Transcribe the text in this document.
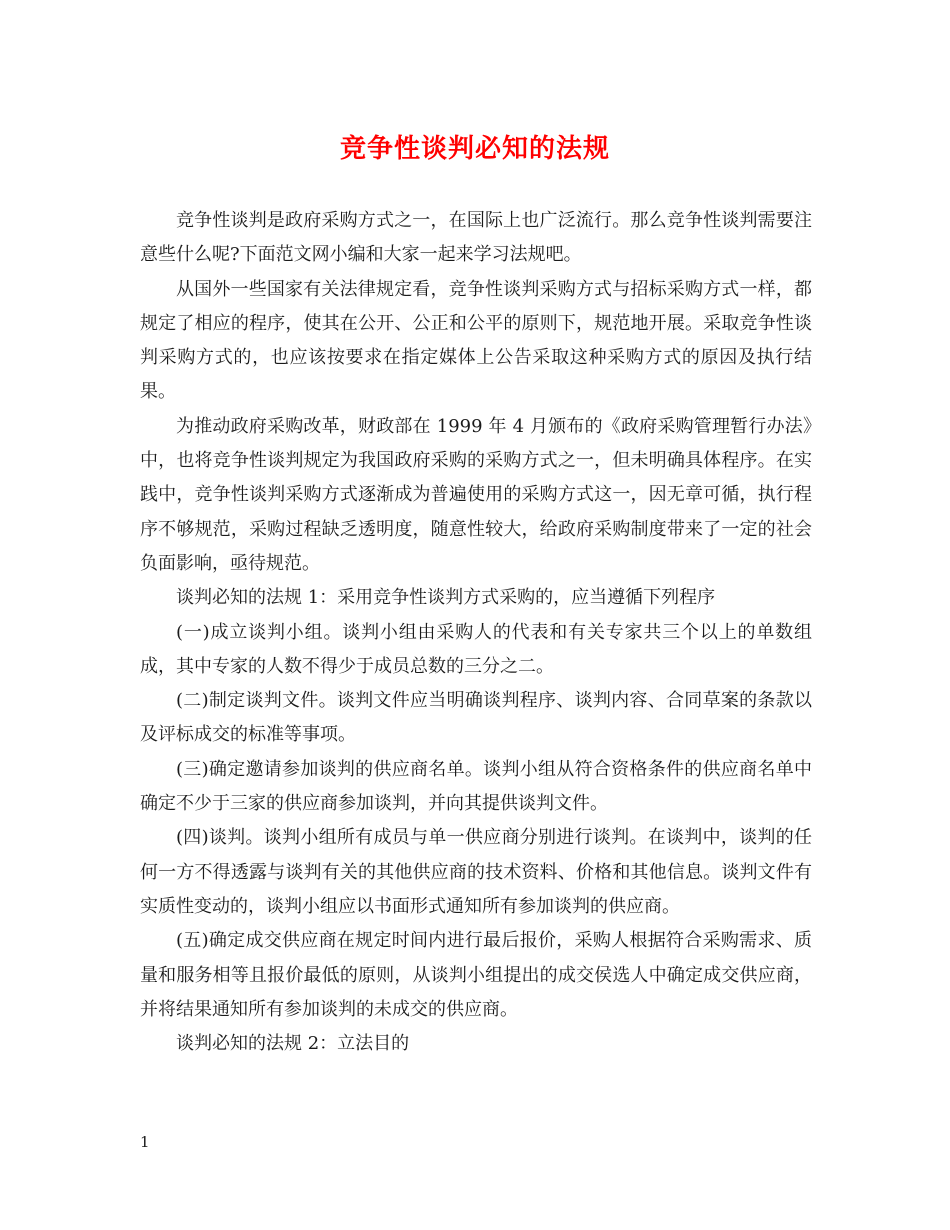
竞争性谈判必知的法规

竞争性谈判是政府采购方式之一，在国际上也广泛流行。那么竞争性谈判需要注意些什么呢?下面范文网小编和大家一起来学习法规吧。

从国外一些国家有关法律规定看，竞争性谈判采购方式与招标采购方式一样，都规定了相应的程序，使其在公开、公正和公平的原则下，规范地开展。采取竞争性谈判采购方式的，也应该按要求在指定媒体上公告采取这种采购方式的原因及执行结果。

为推动政府采购改革，财政部在 1999 年 4 月颁布的《政府采购管理暂行办法》中，也将竞争性谈判规定为我国政府采购的采购方式之一，但未明确具体程序。在实践中，竞争性谈判采购方式逐渐成为普遍使用的采购方式这一，因无章可循，执行程序不够规范，采购过程缺乏透明度，随意性较大，给政府采购制度带来了一定的社会负面影响，亟待规范。

谈判必知的法规 1：采用竞争性谈判方式采购的，应当遵循下列程序

(一)成立谈判小组。谈判小组由采购人的代表和有关专家共三个以上的单数组成，其中专家的人数不得少于成员总数的三分之二。

(二)制定谈判文件。谈判文件应当明确谈判程序、谈判内容、合同草案的条款以及评标成交的标准等事项。

(三)确定邀请参加谈判的供应商名单。谈判小组从符合资格条件的供应商名单中确定不少于三家的供应商参加谈判，并向其提供谈判文件。

(四)谈判。谈判小组所有成员与单一供应商分别进行谈判。在谈判中，谈判的任何一方不得透露与谈判有关的其他供应商的技术资料、价格和其他信息。谈判文件有实质性变动的，谈判小组应以书面形式通知所有参加谈判的供应商。

(五)确定成交供应商在规定时间内进行最后报价，采购人根据符合采购需求、质量和服务相等且报价最低的原则，从谈判小组提出的成交侯选人中确定成交供应商，并将结果通知所有参加谈判的未成交的供应商。

谈判必知的法规 2：立法目的

1
